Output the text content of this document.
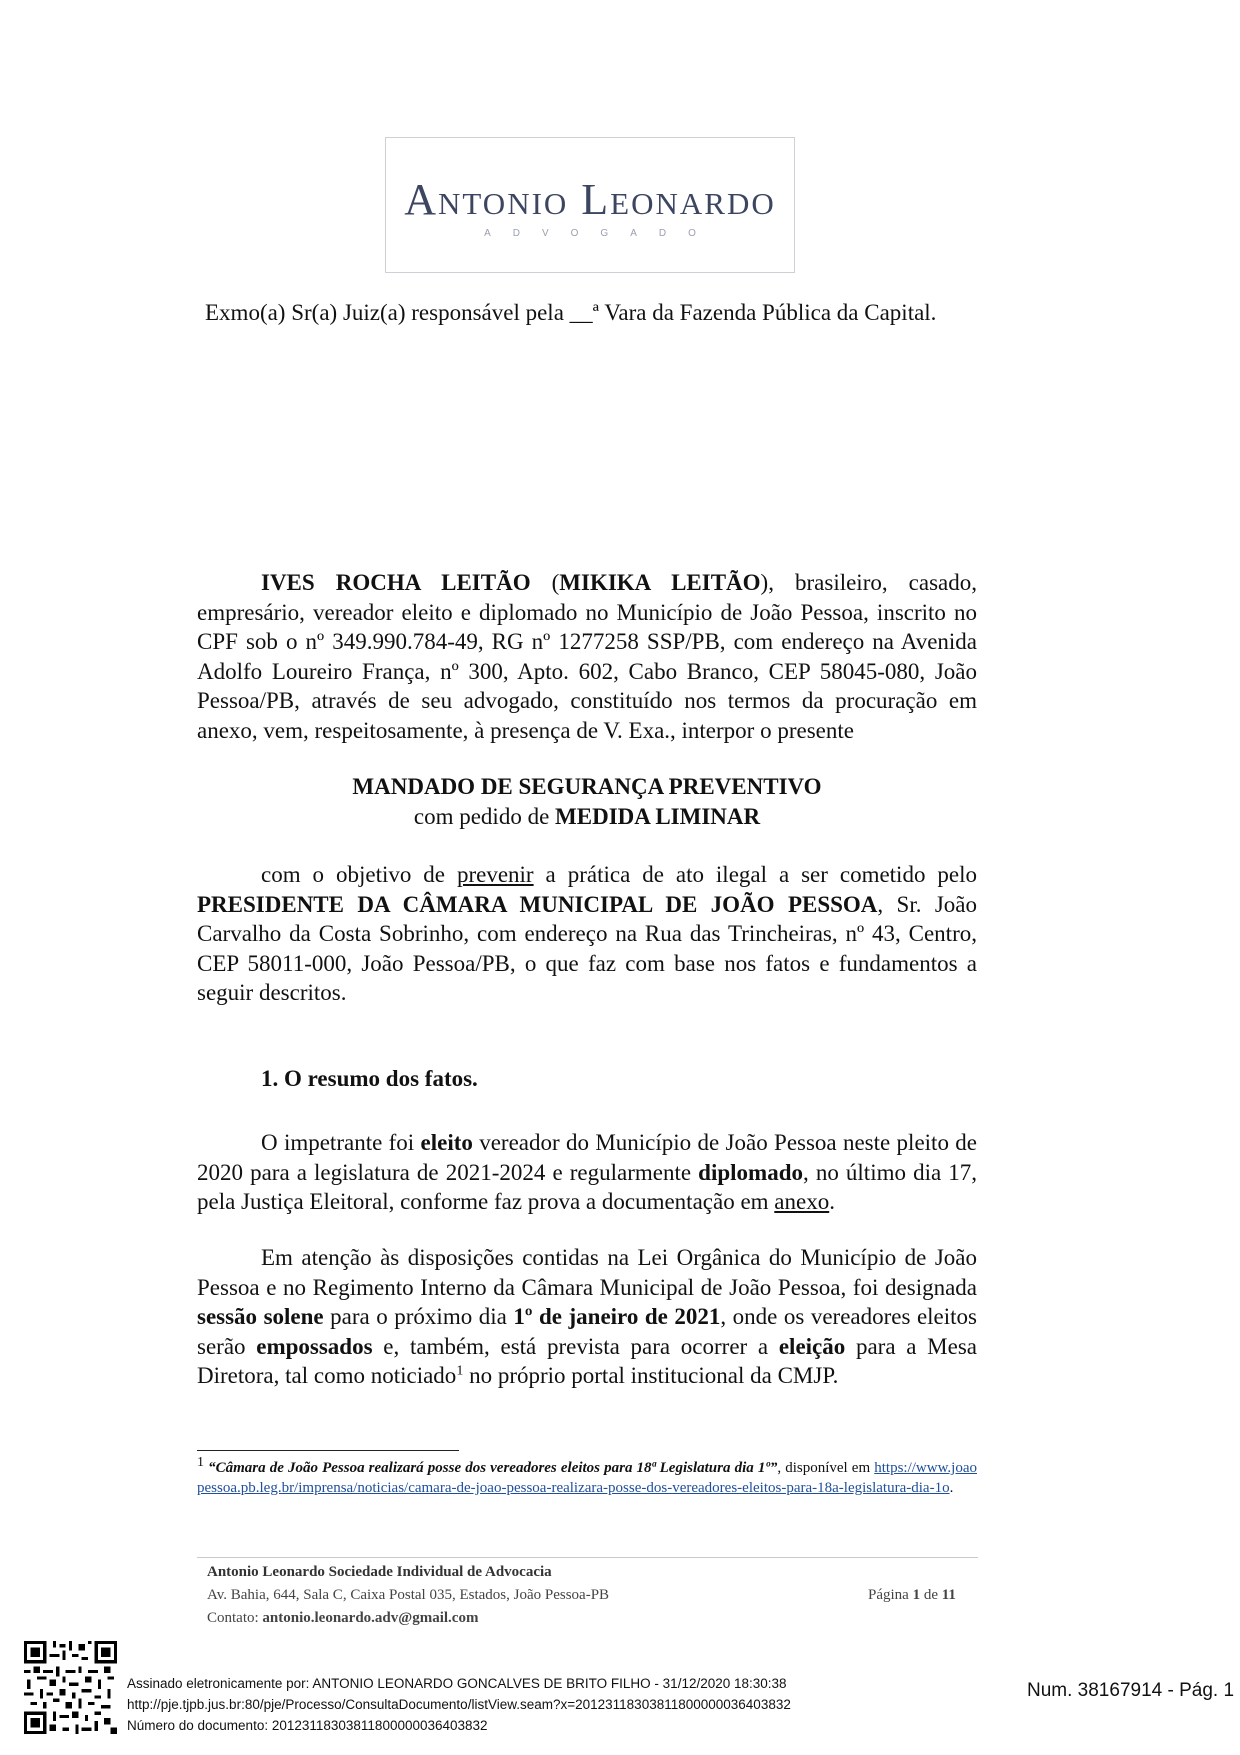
Antonio Leonardo
ADVOGADO
Exmo(a) Sr(a) Juiz(a) responsável pela __ª Vara da Fazenda Pública da Capital.

IVES ROCHA LEITÃO (MIKIKA LEITÃO), brasileiro, casado, empresário, vereador eleito e diplomado no Município de João Pessoa, inscrito no CPF sob o nº 349.990.784-49, RG nº 1277258 SSP/PB, com endereço na Avenida Adolfo Loureiro França, nº 300, Apto. 602, Cabo Branco, CEP 58045-080, João Pessoa/PB, através de seu advogado, constituído nos termos da procuração em anexo, vem, respeitosamente, à presença de V. Exa., interpor o presente

MANDADO DE SEGURANÇA PREVENTIVO
com pedido de MEDIDA LIMINAR

com o objetivo de prevenir a prática de ato ilegal a ser cometido pelo PRESIDENTE DA CÂMARA MUNICIPAL DE JOÃO PESSOA, Sr. João Carvalho da Costa Sobrinho, com endereço na Rua das Trincheiras, nº 43, Centro, CEP 58011-000, João Pessoa/PB, o que faz com base nos fatos e fundamentos a seguir descritos.

1. O resumo dos fatos.

O impetrante foi eleito vereador do Município de João Pessoa neste pleito de 2020 para a legislatura de 2021-2024 e regularmente diplomado, no último dia 17, pela Justiça Eleitoral, conforme faz prova a documentação em anexo.

Em atenção às disposições contidas na Lei Orgânica do Município de João Pessoa e no Regimento Interno da Câmara Municipal de João Pessoa, foi designada sessão solene para o próximo dia 1º de janeiro de 2021, onde os vereadores eleitos serão empossados e, também, está prevista para ocorrer a eleição para a Mesa Diretora, tal como noticiado$^1$ no próprio portal institucional da CMJP.

$^1$ “Câmara de João Pessoa realizará posse dos vereadores eleitos para 18ª Legislatura dia 1º”, disponível em https://www.joaopessoa.pb.leg.br/imprensa/noticias/camara-de-joao-pessoa-realizara-posse-dos-vereadores-eleitos-para-18a-legislatura-dia-1o.

Antonio Leonardo Sociedade Individual de Advocacia
Av. Bahia, 644, Sala C, Caixa Postal 035, Estados, João Pessoa-PB
Contato: antonio.leonardo.adv@gmail.com
Página 1 de 11
Assinado eletronicamente por: ANTONIO LEONARDO GONCALVES DE BRITO FILHO - 31/12/2020 18:30:38
http://pje.tjpb.jus.br:80/pje/Processo/ConsultaDocumento/listView.seam?x=20123118303811800000036403832
Número do documento: 20123118303811800000036403832
Num. 38167914 - Pág. 1
